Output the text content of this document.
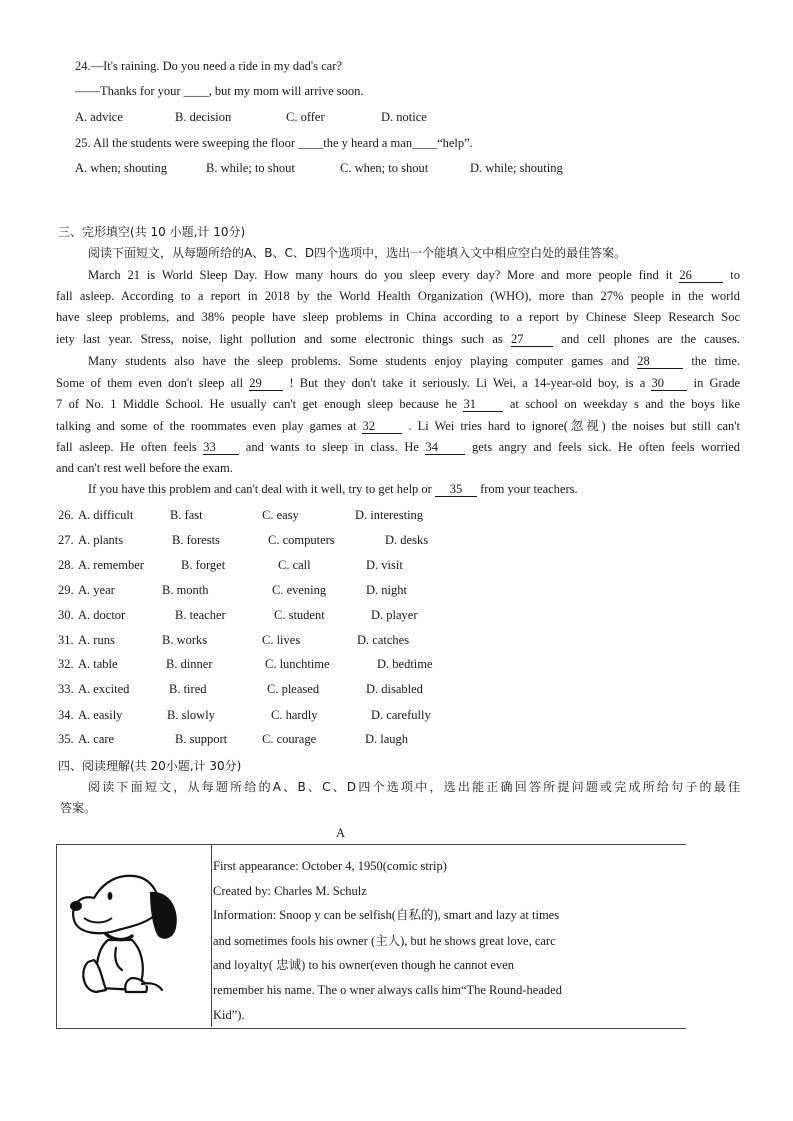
24.—It's raining. Do you need a ride in my dad's car?
——Thanks for your ____, but my mom will arrive soon.
A. advice	B. decision	C. offer	D. notice
25. All the students were sweeping the floor ____the y heard a man____“help”.
A. when; shouting	B. while; to shout	C. when; to shout	D. while; shouting
三、完形填空(共 10 小题,计 10分)
阅读下面短文，从每题所给的A、B、C、D四个选项中，选出一个能填入文中相应空白处的最佳答案。
March 21 is World Sleep Day. How many hours do you sleep every day? More and more people find it 26	to
fall asleep. According to a report in 2018 by the World Health Organization (WHO), more than 27% people in the world
have sleep problems, and 38% people have sleep problems in China according to a report by Chinese Sleep Research Soc
iety last year. Stress, noise, light pollution and some electronic things such as 27	and cell phones are the causes.
Many students also have the sleep problems. Some students enjoy playing computer games and 28	the time.
Some of them even don't sleep all 29 ! But they don't take it seriously. Li Wei, a 14-year-old boy, is a 30 in Grade
7 of No. 1 Middle School. He usually can't get enough sleep because he 31	at school on weekday s and the boys like
talking and some of the roommates even play games at 32	. Li Wei tries hard to ignore(忽视) the noises but still can't
fall asleep. He often feels 33 and wants to sleep in class. He 34	gets angry and feels sick. He often feels worried
and can't rest well before the exam.
If you have this problem and can't deal with it well, try to get help or 35 from your teachers.
26. A. difficult	B. fast	C. easy	D. interesting
27. A. plants	B. forests	C. computers	D. desks
28. A. remember	B. forget	C. call	D. visit
29. A. year	B. month	C. evening	D. night
30. A. doctor	B. teacher	C. student	D. player
31. A. runs	B. works	C. lives	D. catches
32. A. table	B. dinner	C. lunchtime	D. bedtime
33. A. excited	B. tired	C. pleased	D. disabled
34. A. easily	B. slowly	C. hardly	D. carefully
35. A. care	B. support	C. courage	D. laugh
四、阅读理解(共 20小题,计 30分)
阅读下面短文，从每题所给的A、B、C、D四个选项中，选出能正确回答所提问题或完成所给句子的最佳
答案。
A
First appearance: October 4, 1950(comic strip)
Created by: Charles M. Schulz
Information: Snoop y can be selfish(自私的), smart and lazy at times
and sometimes fools his owner (主人), but he shows great love, carc
and loyalty( 忠诚) to his owner(even though he cannot even
remember his name. The o wner always calls him“The Round-headed
Kid”).
